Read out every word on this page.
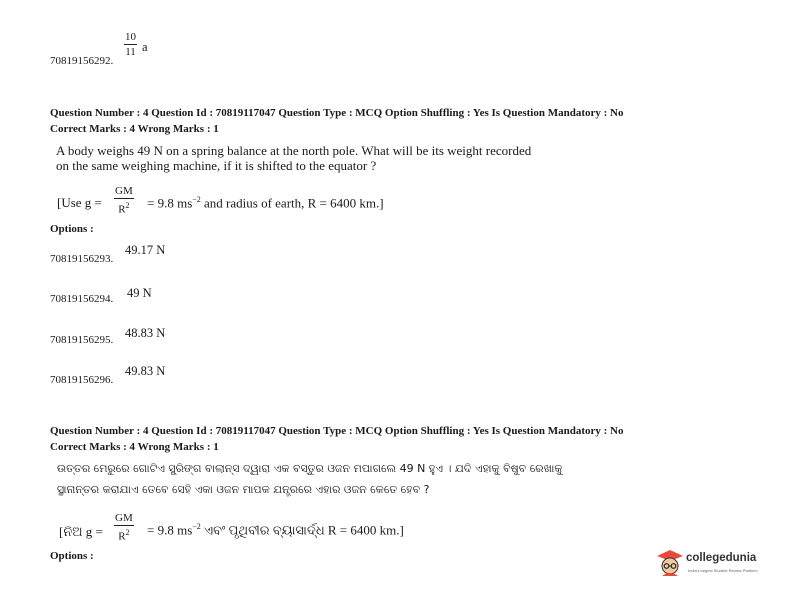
$\frac{10}{11}$ a
70819156292.
Question Number : 4 Question Id : 70819117047 Question Type : MCQ Option Shuffling : Yes Is Question Mandatory : No
Correct Marks : 4 Wrong Marks : 1
A body weighs 49 N on a spring balance at the north pole. What will be its weight recorded
on the same weighing machine, if it is shifted to the equator ?
[Use $g = \frac{GM}{R^2} = 9.8$ $ms^{-2}$ and radius of earth, R = 6400 km.]
Options :
49.17 N
70819156293.
49 N
70819156294.
48.83 N
70819156295.
49.83 N
70819156296.
Question Number : 4 Question Id : 70819117047 Question Type : MCQ Option Shuffling : Yes Is Question Mandatory : No
Correct Marks : 4 Wrong Marks : 1
ଉତ୍ତର ମେରୁରେ ଗୋଟିଏ ସ୍ପ୍ରିଙ୍ଗ ବାଲାନ୍ସ ଦ୍ୱାରା ଏକ ବସ୍ତୁର ଓଜନ ମପାଗଲେ 49 N ହୁଏ । ଯଦି ଏହାକୁ ବିଷୁବ ରେଖାକୁ
ସ୍ଥାନାନ୍ତର କରାଯାଏ ତେବେ ସେହି ଏକା ଓଜନ ମାପକ ଯନ୍ତ୍ରରେ ଏହାର ଓଜନ କେତେ ହେବ ?
[ନିଅ $g = \frac{GM}{R^2} = 9.8$ $ms^{-2}$ ଏବଂ ପୃଥିବୀର ବ୍ୟାସାର୍ଦ୍ଧ R = 6400 km.]
Options :	collegedunia
India's largest Student Review Platform
